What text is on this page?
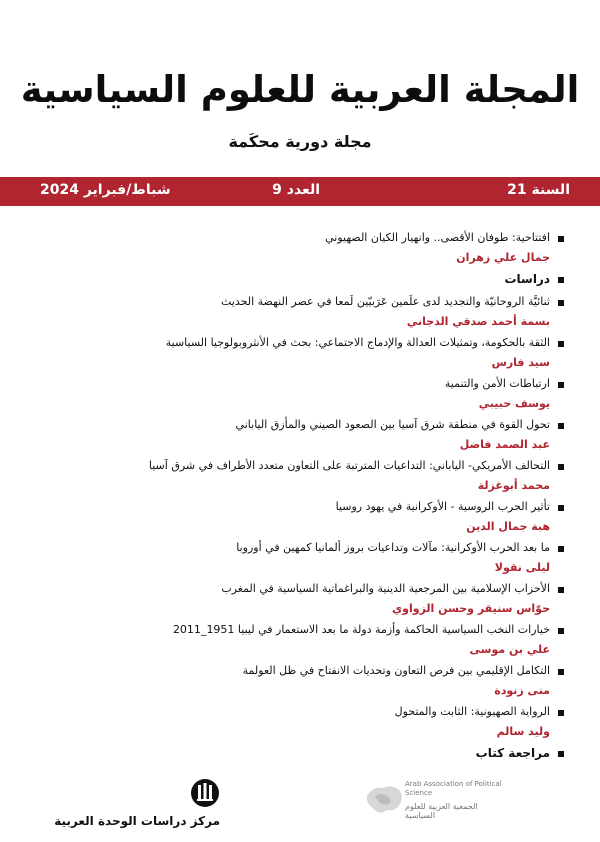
المجلة العربية للعلوم السياسية
مجلة دورية محكَمة
السنة 21
العدد 9
شباط/فبراير 2024
افتتاحية: طوفان الأقصى.. وانهيار الكيان الصهيوني
جمال علي زهران
دراسات
ثنائيَّة الروحانيّة والتجديد لدى علَمين عَرَبيّين لَمعا في عصر النهضة الحديث
بسمة أحمد صدقي الدجاني
الثقة بالحكومة، وتمثيلات العدالة والإدماج الاجتماعي: بحث في الأنثروبولوجيا السياسية
سيد فارس
ارتباطات الأمن والتنمية
يوسف حبيبي
تحول القوة في منطقة شرق آسيا بين الصعود الصيني والمأزق الياباني
عبد الصمد فاضل
التحالف الأمريكي- الياباني: التداعيات المترتبة على التعاون متعدد الأطراف في شرق آسيا
محمد أبوغزلة
تأثير الحرب الروسية - الأوكرانية في يهود روسيا
هبة جمال الدين
ما بعد الحرب الأوكرانية: مآلات وتداعيات بروز ألمانيا كمهين في أوروبا
ليلى نقولا
الأحزاب الإسلامية بين المرجعية الدينية والبراغماتية السياسية في المغرب
حوّاس سنيقر وحسن الزواوي
خيارات النخب السياسية الحاكمة وأزمة دولة ما بعد الاستعمار في ليبيا 1951_2011
علي بن موسى
التكامل الإقليمي بين فرص التعاون وتحديات الانفتاح في ظل العولمة
منى زنودة
الرواية الصهيونية: الثابت والمتحول
وليد سالم
مراجعة كتاب
مركز دراسات الوحدة العربية
Arab Association of Political Science
الجمعية العربية للعلوم السياسية
